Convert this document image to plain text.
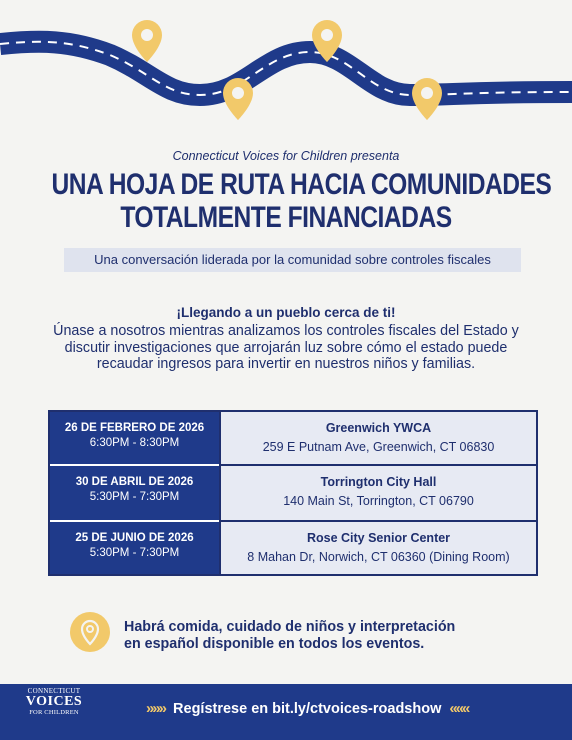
Connecticut Voices for Children presenta
UNA HOJA DE RUTA HACIA COMUNIDADES
TOTALMENTE FINANCIADAS
Una conversación liderada por la comunidad sobre controles fiscales
¡Llegando a un pueblo cerca de ti!
Únase a nosotros mientras analizamos los controles fiscales del Estado y discutir investigaciones que arrojarán luz sobre cómo el estado puede recaudar ingresos para invertir en nuestros niños y familias.
26 DE FEBRERO DE 2026
6:30PM - 8:30PM
Greenwich YWCA
259 E Putnam Ave, Greenwich, CT 06830
30 DE ABRIL DE 2026
5:30PM - 7:30PM
Torrington City Hall
140 Main St, Torrington, CT 06790
25 DE JUNIO DE 2026
5:30PM - 7:30PM
Rose City Senior Center
8 Mahan Dr, Norwich, CT 06360 (Dining Room)
Habrá comida, cuidado de niños y interpretación
en español disponible en todos los eventos.
CONNECTICUT
VOICES
FOR CHILDREN	»»» Regístrese en bit.ly/ctvoices-roadshow «««
